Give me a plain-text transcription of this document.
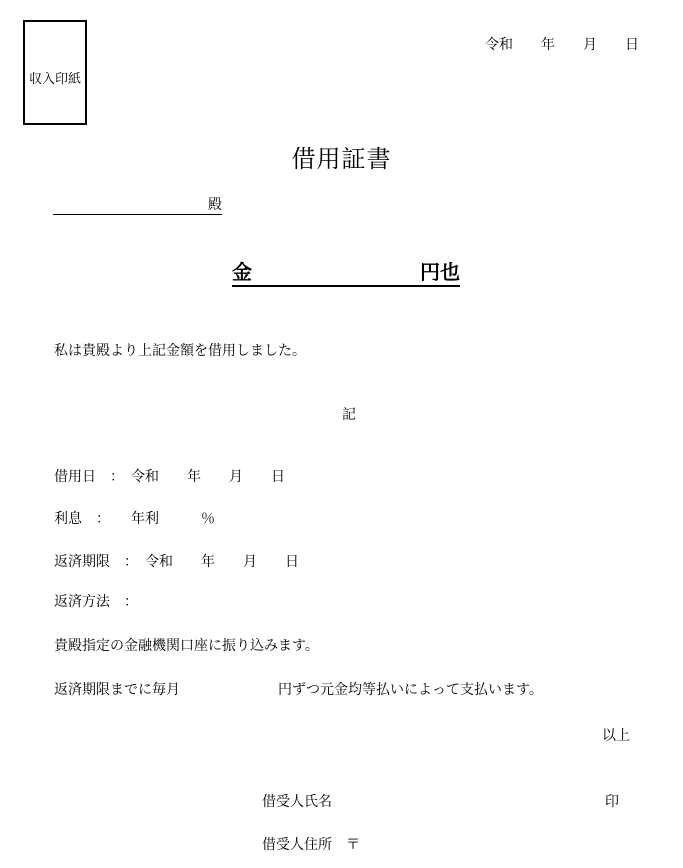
収入印紙
令和　　年　　月　　日
借用証書
殿
金	円也
私は貴殿より上記金額を借用しました。
記
借用日　：　令和　　年　　月　　日
利息　：　　年利　　　％
返済期限　：　令和　　年　　月　　日
返済方法　：
貴殿指定の金融機関口座に振り込みます。
返済期限までに毎月　　　　　　　円ずつ元金均等払いによって支払います。
以上
借受人氏名	印
借受人住所　〒
